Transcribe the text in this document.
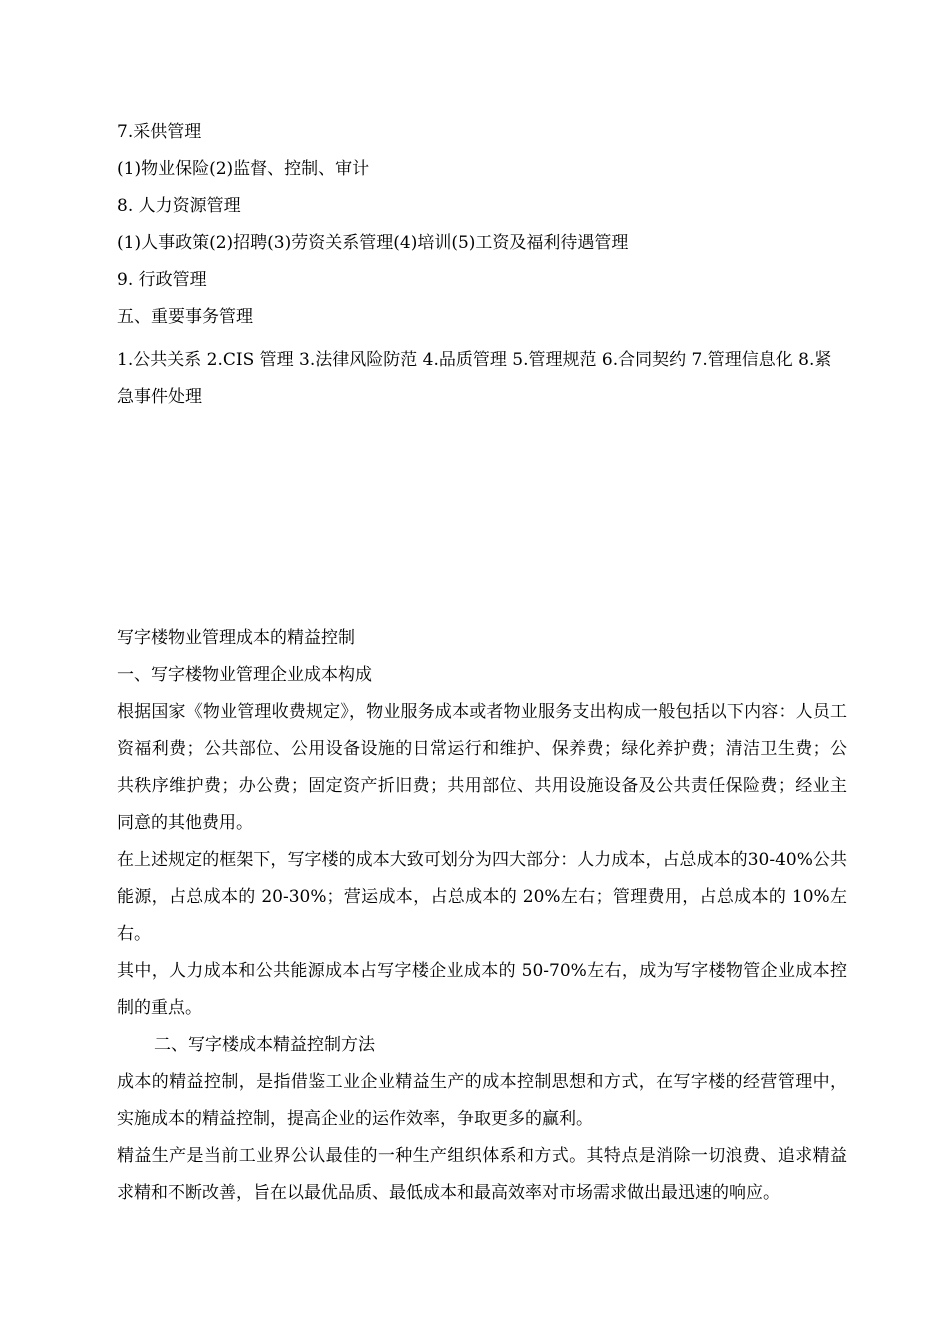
7.采供管理
(1)物业保险(2)监督、控制、审计
8. 人力资源管理
(1)人事政策(2)招聘(3)劳资关系管理(4)培训(5)工资及福利待遇管理
9. 行政管理
五、重要事务管理
1.公共关系 2.CIS 管理 3.法律风险防范 4.品质管理 5.管理规范 6.合同契约 7.管理信息化 8.紧急事件处理

写字楼物业管理成本的精益控制

一、写字楼物业管理企业成本构成

根据国家《物业管理收费规定》，物业服务成本或者物业服务支出构成一般包括以下内容：人员工资福利费；公共部位、公用设备设施的日常运行和维护、保养费；绿化养护费；清洁卫生费；公共秩序维护费；办公费；固定资产折旧费；共用部位、共用设施设备及公共责任保险费；经业主同意的其他费用。

在上述规定的框架下，写字楼的成本大致可划分为四大部分：人力成本，占总成本的30-40%公共能源，占总成本的 20-30%；营运成本，占总成本的 20%左右；管理费用，占总成本的 10%左右。

其中，人力成本和公共能源成本占写字楼企业成本的 50-70%左右，成为写字楼物管企业成本控制的重点。

二、写字楼成本精益控制方法

成本的精益控制，是指借鉴工业企业精益生产的成本控制思想和方式，在写字楼的经营管理中，实施成本的精益控制，提高企业的运作效率，争取更多的赢利。

精益生产是当前工业界公认最佳的一种生产组织体系和方式。其特点是消除一切浪费、追求精益求精和不断改善，旨在以最优品质、最低成本和最高效率对市场需求做出最迅速的响应。
